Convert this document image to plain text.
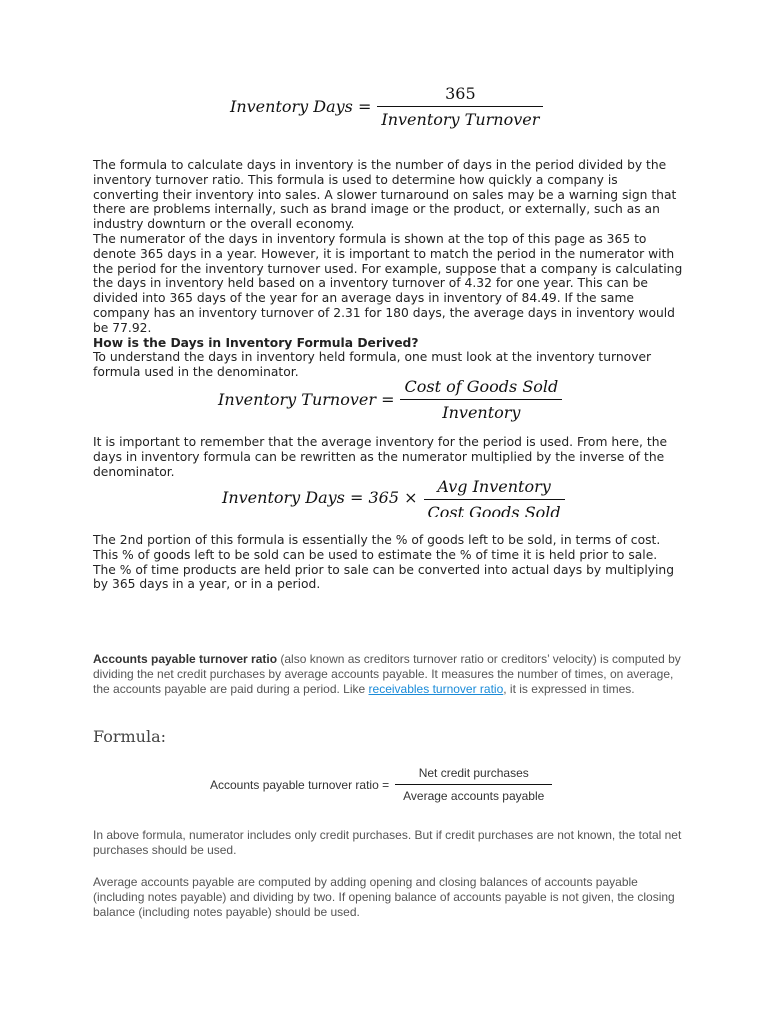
Inventory Days = $\frac{365}{\text{Inventory Turnover}}$

The formula to calculate days in inventory is the number of days in the period divided by the inventory turnover ratio. This formula is used to determine how quickly a company is converting their inventory into sales. A slower turnaround on sales may be a warning sign that there are problems internally, such as brand image or the product, or externally, such as an industry downturn or the overall economy.

The numerator of the days in inventory formula is shown at the top of this page as 365 to denote 365 days in a year. However, it is important to match the period in the numerator with the period for the inventory turnover used. For example, suppose that a company is calculating the days in inventory held based on a inventory turnover of 4.32 for one year. This can be divided into 365 days of the year for an average days in inventory of 84.49. If the same company has an inventory turnover of 2.31 for 180 days, the average days in inventory would be 77.92.

How is the Days in Inventory Formula Derived?

To understand the days in inventory held formula, one must look at the inventory turnover formula used in the denominator.

Inventory Turnover = $\frac{\text{Cost of Goods Sold}}{\text{Inventory}}$

It is important to remember that the average inventory for the period is used. From here, the days in inventory formula can be rewritten as the numerator multiplied by the inverse of the denominator.

Inventory Days = $365 \times \frac{\text{Avg Inventory}}{\text{Cost Goods Sold}}$

The 2nd portion of this formula is essentially the % of goods left to be sold, in terms of cost. This % of goods left to be sold can be used to estimate the % of time it is held prior to sale. The % of time products are held prior to sale can be converted into actual days by multiplying by 365 days in a year, or in a period.

Accounts payable turnover ratio (also known as creditors turnover ratio or creditors’ velocity) is computed by dividing the net credit purchases by average accounts payable. It measures the number of times, on average, the accounts payable are paid during a period. Like receivables turnover ratio, it is expressed in times.

Formula:
Accounts payable turnover ratio = $\frac{\text{Net credit purchases}}{\text{Average accounts payable}}$

In above formula, numerator includes only credit purchases. But if credit purchases are not known, the total net purchases should be used.

Average accounts payable are computed by adding opening and closing balances of accounts payable (including notes payable) and dividing by two. If opening balance of accounts payable is not given, the closing balance (including notes payable) should be used.
